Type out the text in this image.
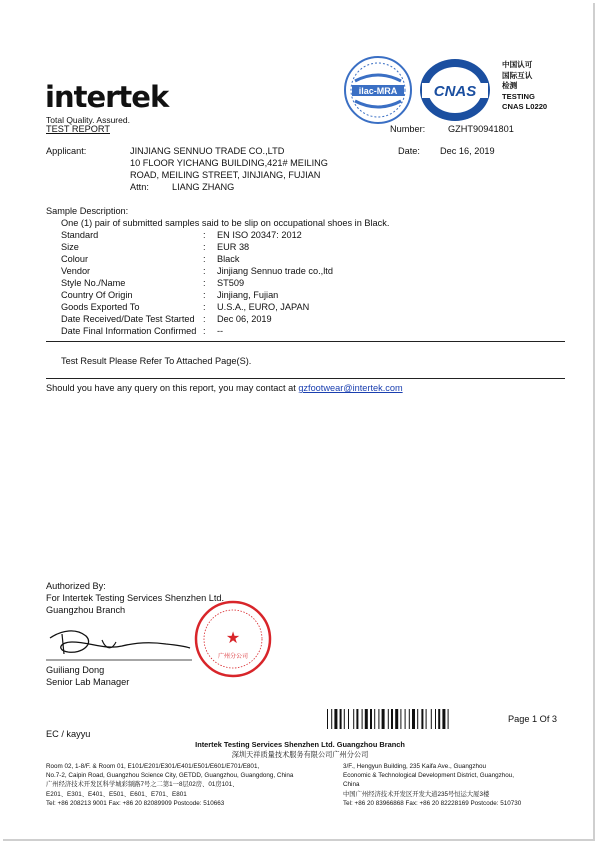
intertek
Total Quality. Assured.
TEST REPORT
ilac-MRA CNAS
中国认可
国际互认
检测
TESTING
CNAS L0220
Number: GZHT90941801
Applicant:	JINJIANG SENNUO TRADE CO.,LTD
10 FLOOR YICHANG BUILDING,421# MEILING
ROAD, MEILING STREET, JINJIANG, FUJIAN
Attn:	LIANG ZHANG
Date: Dec 16, 2019
Sample Description:
One (1) pair of submitted samples said to be slip on occupational shoes in Black.
Standard	: EN ISO 20347: 2012
Size	: EUR 38
Colour	: Black
Vendor	: Jinjiang Sennuo trade co.,ltd
Style No./Name	: ST509
Country Of Origin	: Jinjiang, Fujian
Goods Exported To	: U.S.A., EURO, JAPAN
Date Received/Date Test Started : Dec 06, 2019
Date Final Information Confirmed : --
Test Result Please Refer To Attached Page(S).
Should you have any query on this report, you may contact at gzfootwear@intertek.com
Authorized By:
For Intertek Testing Services Shenzhen Ltd.
Guangzhou Branch
★
广州分公司
Guiliang Dong
Senior Lab Manager
Page 1 Of 3
EC / kayyu
Intertek Testing Services Shenzhen Ltd. Guangzhou Branch
深圳天祥质量技术服务有限公司广州分公司
Room 02, 1-8/F. & Room 01, E101/E201/E301/E401/E501/E601/E701/E801,
No.7-2, Caipin Road, Guangzhou Science City, GETDD, Guangzhou, Guangdong, China
广州经济技术开发区科学城彩频路7号之二第1一8层02房、01房101、
E201、E301、E401、E501、E601、E701、E801
Tel: +86 208213 9001 Fax: +86 20 82089909 Postcode: 510663
3/F., Hengyun Building, 235 Kaifa Ave., Guangzhou
Economic & Technological Development District, Guangzhou,
China
中国广州经济技术开发区开发大道235号恒运大厦3楼
Tel: +86 20 83966868 Fax: +86 20 82228169 Postcode: 510730
